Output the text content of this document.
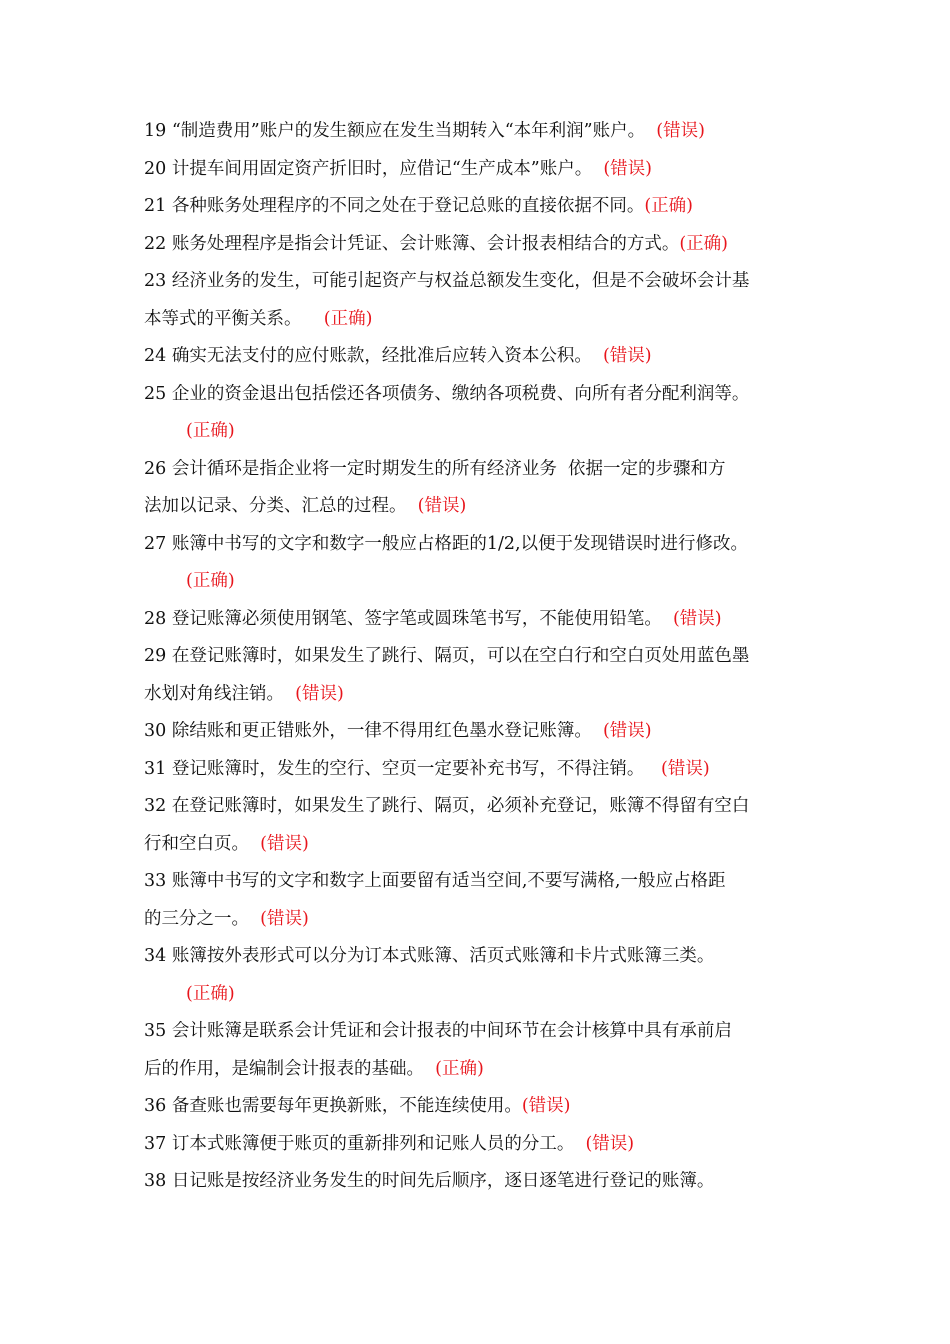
19 “制造费用”账户的发生额应在发生当期转入“本年利润”账户。  (错误)
20 计提车间用固定资产折旧时，应借记“生产成本”账户。  (错误)
21 各种账务处理程序的不同之处在于登记总账的直接依据不同。(正确)
22 账务处理程序是指会计凭证、会计账簿、会计报表相结合的方式。(正确)
23 经济业务的发生，可能引起资产与权益总额发生变化，但是不会破坏会计基
本等式的平衡关系。    (正确)
24 确实无法支付的应付账款，经批准后应转入资本公积。  (错误)
25 企业的资金退出包括偿还各项债务、缴纳各项税费、向所有者分配利润等。
(正确)
26 会计循环是指企业将一定时期发生的所有经济业务  依据一定的步骤和方
法加以记录、分类、汇总的过程。  (错误)
27 账簿中书写的文字和数字一般应占格距的1/2,以便于发现错误时进行修改。
(正确)
28 登记账簿必须使用钢笔、签字笔或圆珠笔书写，不能使用铅笔。  (错误)
29 在登记账簿时，如果发生了跳行、隔页，可以在空白行和空白页处用蓝色墨
水划对角线注销。  (错误)
30 除结账和更正错账外，一律不得用红色墨水登记账簿。  (错误)
31 登记账簿时，发生的空行、空页一定要补充书写，不得注销。   (错误)
32 在登记账簿时，如果发生了跳行、隔页，必须补充登记，账簿不得留有空白
行和空白页。  (错误)
33 账簿中书写的文字和数字上面要留有适当空间,不要写满格,一般应占格距
的三分之一。  (错误)
34 账簿按外表形式可以分为订本式账簿、活页式账簿和卡片式账簿三类。
(正确)
35 会计账簿是联系会计凭证和会计报表的中间环节在会计核算中具有承前启
后的作用，是编制会计报表的基础。  (正确)
36 备查账也需要每年更换新账，不能连续使用。(错误)
37 订本式账簿便于账页的重新排列和记账人员的分工。  (错误)
38 日记账是按经济业务发生的时间先后顺序，逐日逐笔进行登记的账簿。
